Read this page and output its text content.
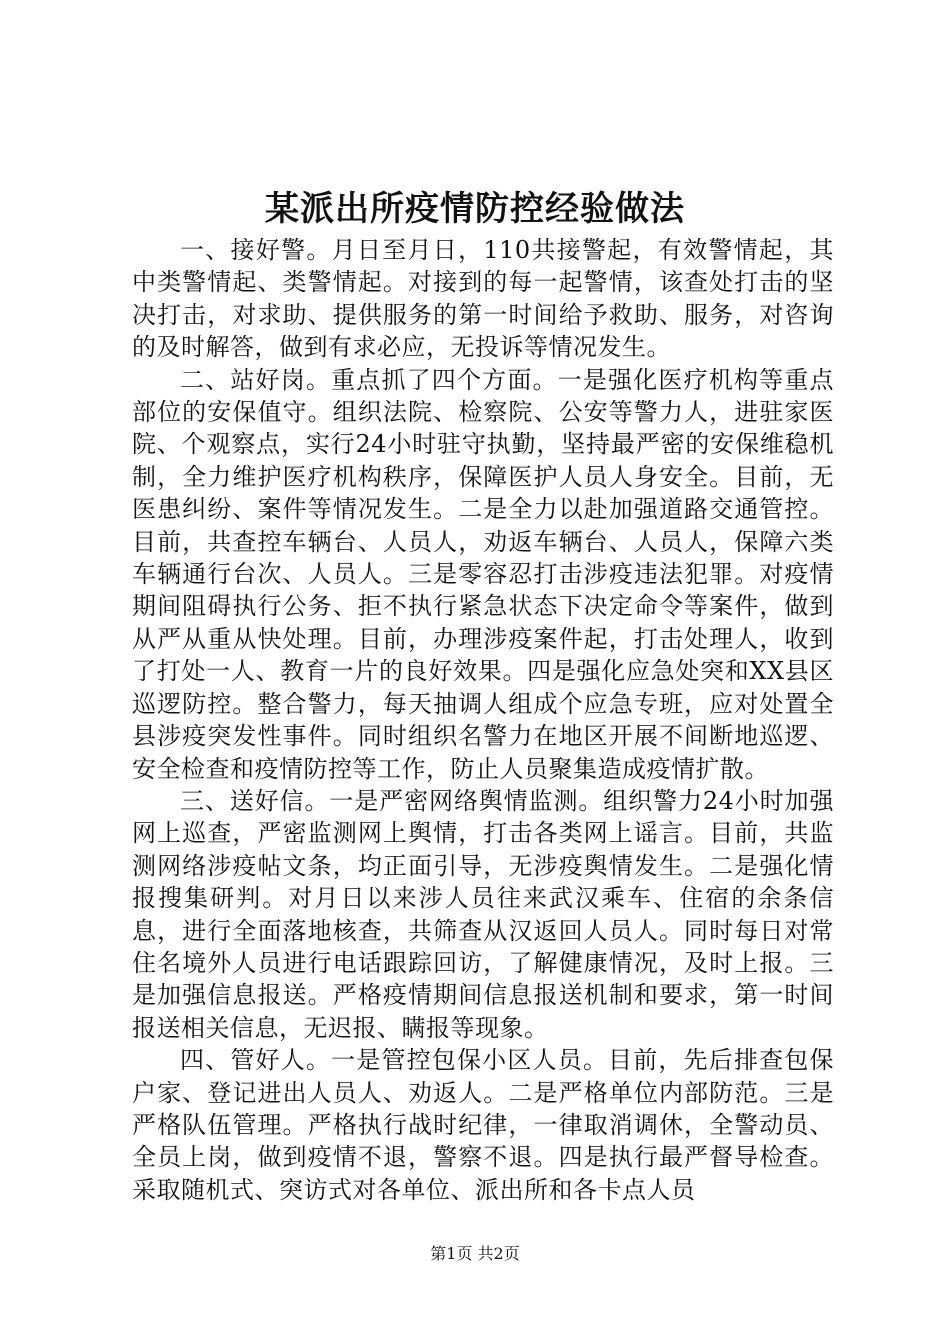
某派出所疫情防控经验做法

一、接好警。月日至月日，110共接警起，有效警情起，其中类警情起、类警情起。对接到的每一起警情，该查处打击的坚决打击，对求助、提供服务的第一时间给予救助、服务，对咨询的及时解答，做到有求必应，无投诉等情况发生。

二、站好岗。重点抓了四个方面。一是强化医疗机构等重点部位的安保值守。组织法院、检察院、公安等警力人，进驻家医院、个观察点，实行24小时驻守执勤，坚持最严密的安保维稳机制，全力维护医疗机构秩序，保障医护人员人身安全。目前，无医患纠纷、案件等情况发生。二是全力以赴加强道路交通管控。目前，共查控车辆台、人员人，劝返车辆台、人员人，保障六类车辆通行台次、人员人。三是零容忍打击涉疫违法犯罪。对疫情期间阻碍执行公务、拒不执行紧急状态下决定命令等案件，做到从严从重从快处理。目前，办理涉疫案件起，打击处理人，收到了打处一人、教育一片的良好效果。四是强化应急处突和XX县区巡逻防控。整合警力，每天抽调人组成个应急专班，应对处置全县涉疫突发性事件。同时组织名警力在地区开展不间断地巡逻、安全检查和疫情防控等工作，防止人员聚集造成疫情扩散。

三、送好信。一是严密网络舆情监测。组织警力24小时加强网上巡查，严密监测网上舆情，打击各类网上谣言。目前，共监测网络涉疫帖文条，均正面引导，无涉疫舆情发生。二是强化情报搜集研判。对月日以来涉人员往来武汉乘车、住宿的余条信息，进行全面落地核查，共筛查从汉返回人员人。同时每日对常住名境外人员进行电话跟踪回访，了解健康情况，及时上报。三是加强信息报送。严格疫情期间信息报送机制和要求，第一时间报送相关信息，无迟报、瞒报等现象。

四、管好人。一是管控包保小区人员。目前，先后排查包保户家、登记进出人员人、劝返人。二是严格单位内部防范。三是严格队伍管理。严格执行战时纪律，一律取消调休，全警动员、全员上岗，做到疫情不退，警察不退。四是执行最严督导检查。采取随机式、突访式对各单位、派出所和各卡点人员

第1页 共2页
